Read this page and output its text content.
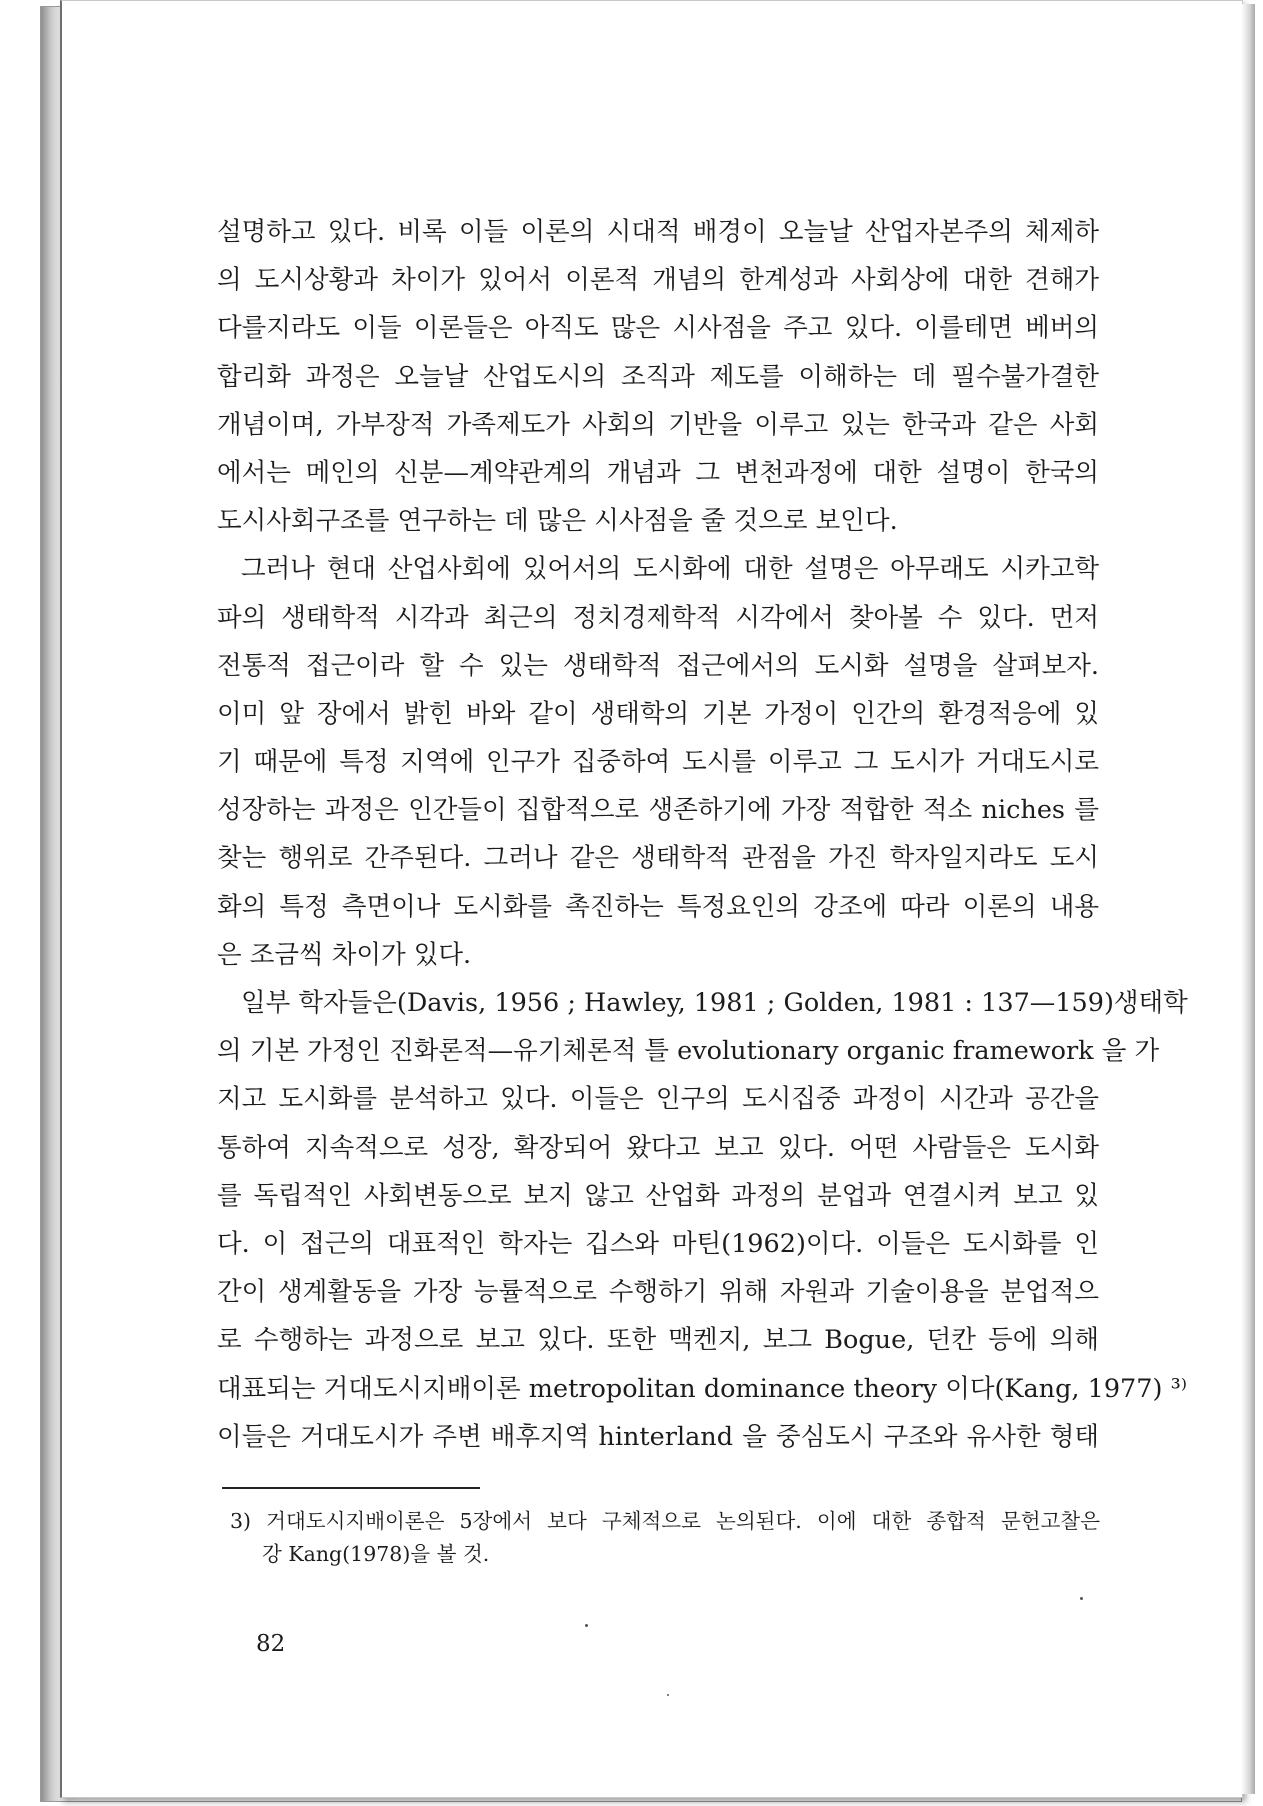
설명하고 있다. 비록 이들 이론의 시대적 배경이 오늘날 산업자본주의 체제하
의 도시상황과 차이가 있어서 이론적 개념의 한계성과 사회상에 대한 견해가
다를지라도 이들 이론들은 아직도 많은 시사점을 주고 있다. 이를테면 베버의
합리화 과정은 오늘날 산업도시의 조직과 제도를 이해하는 데 필수불가결한
개념이며, 가부장적 가족제도가 사회의 기반을 이루고 있는 한국과 같은 사회
에서는 메인의 신분—계약관계의 개념과 그 변천과정에 대한 설명이 한국의
도시사회구조를 연구하는 데 많은 시사점을 줄 것으로 보인다.
그러나 현대 산업사회에 있어서의 도시화에 대한 설명은 아무래도 시카고학
파의 생태학적 시각과 최근의 정치경제학적 시각에서 찾아볼 수 있다. 먼저
전통적 접근이라 할 수 있는 생태학적 접근에서의 도시화 설명을 살펴보자.
이미 앞 장에서 밝힌 바와 같이 생태학의 기본 가정이 인간의 환경적응에 있
기 때문에 특정 지역에 인구가 집중하여 도시를 이루고 그 도시가 거대도시로
성장하는 과정은 인간들이 집합적으로 생존하기에 가장 적합한 적소 niches 를
찾는 행위로 간주된다. 그러나 같은 생태학적 관점을 가진 학자일지라도 도시
화의 특정 측면이나 도시화를 촉진하는 특정요인의 강조에 따라 이론의 내용
은 조금씩 차이가 있다.
일부 학자들은(Davis, 1956 ; Hawley, 1981 ; Golden, 1981 : 137—159)생태학
의 기본 가정인 진화론적—유기체론적 틀 evolutionary organic framework 을 가
지고 도시화를 분석하고 있다. 이들은 인구의 도시집중 과정이 시간과 공간을
통하여 지속적으로 성장, 확장되어 왔다고 보고 있다. 어떤 사람들은 도시화
를 독립적인 사회변동으로 보지 않고 산업화 과정의 분업과 연결시켜 보고 있
다. 이 접근의 대표적인 학자는 깁스와 마틴(1962)이다. 이들은 도시화를 인
간이 생계활동을 가장 능률적으로 수행하기 위해 자원과 기술이용을 분업적으
로 수행하는 과정으로 보고 있다. 또한 맥켄지, 보그 Bogue, 던칸 등에 의해
대표되는 거대도시지배이론 metropolitan dominance theory 이다(Kang, 1977) ³⁾
이들은 거대도시가 주변 배후지역 hinterland 을 중심도시 구조와 유사한 형태
3) 거대도시지배이론은 5장에서 보다 구체적으로 논의된다. 이에 대한 종합적 문헌고찰은
강 Kang(1978)을 볼 것.
82
